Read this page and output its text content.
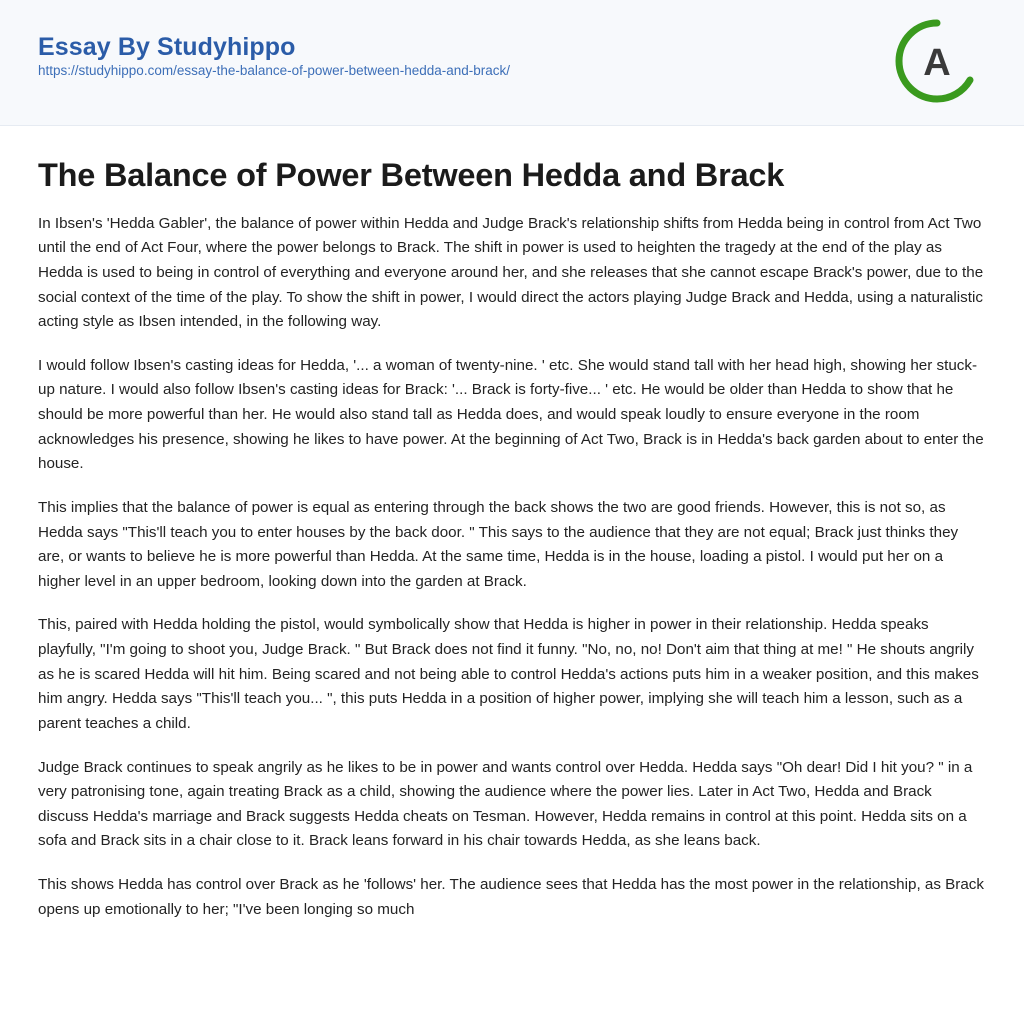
Essay By Studyhippo
https://studyhippo.com/essay-the-balance-of-power-between-hedda-and-brack/	A
The Balance of Power Between Hedda and Brack

In Ibsen's 'Hedda Gabler', the balance of power within Hedda and Judge Brack's relationship shifts from Hedda being in control from Act Two until the end of Act Four, where the power belongs to Brack. The shift in power is used to heighten the tragedy at the end of the play as Hedda is used to being in control of everything and everyone around her, and she releases that she cannot escape Brack's power, due to the social context of the time of the play. To show the shift in power, I would direct the actors playing Judge Brack and Hedda, using a naturalistic acting style as Ibsen intended, in the following way.

I would follow Ibsen's casting ideas for Hedda, '... a woman of twenty-nine. ' etc. She would stand tall with her head high, showing her stuck-up nature. I would also follow Ibsen's casting ideas for Brack: '... Brack is forty-five... ' etc. He would be older than Hedda to show that he should be more powerful than her. He would also stand tall as Hedda does, and would speak loudly to ensure everyone in the room acknowledges his presence, showing he likes to have power. At the beginning of Act Two, Brack is in Hedda's back garden about to enter the house.

This implies that the balance of power is equal as entering through the back shows the two are good friends. However, this is not so, as Hedda says "This'll teach you to enter houses by the back door. " This says to the audience that they are not equal; Brack just thinks they are, or wants to believe he is more powerful than Hedda. At the same time, Hedda is in the house, loading a pistol. I would put her on a higher level in an upper bedroom, looking down into the garden at Brack.

This, paired with Hedda holding the pistol, would symbolically show that Hedda is higher in power in their relationship. Hedda speaks playfully, "I'm going to shoot you, Judge Brack. " But Brack does not find it funny. "No, no, no! Don't aim that thing at me! " He shouts angrily as he is scared Hedda will hit him. Being scared and not being able to control Hedda's actions puts him in a weaker position, and this makes him angry. Hedda says "This'll teach you... ", this puts Hedda in a position of higher power, implying she will teach him a lesson, such as a parent teaches a child.

Judge Brack continues to speak angrily as he likes to be in power and wants control over Hedda. Hedda says "Oh dear! Did I hit you? " in a very patronising tone, again treating Brack as a child, showing the audience where the power lies. Later in Act Two, Hedda and Brack discuss Hedda's marriage and Brack suggests Hedda cheats on Tesman. However, Hedda remains in control at this point. Hedda sits on a sofa and Brack sits in a chair close to it. Brack leans forward in his chair towards Hedda, as she leans back.

This shows Hedda has control over Brack as he 'follows' her. The audience sees that Hedda has the most power in the relationship, as Brack opens up emotionally to her; "I've been longing so much
